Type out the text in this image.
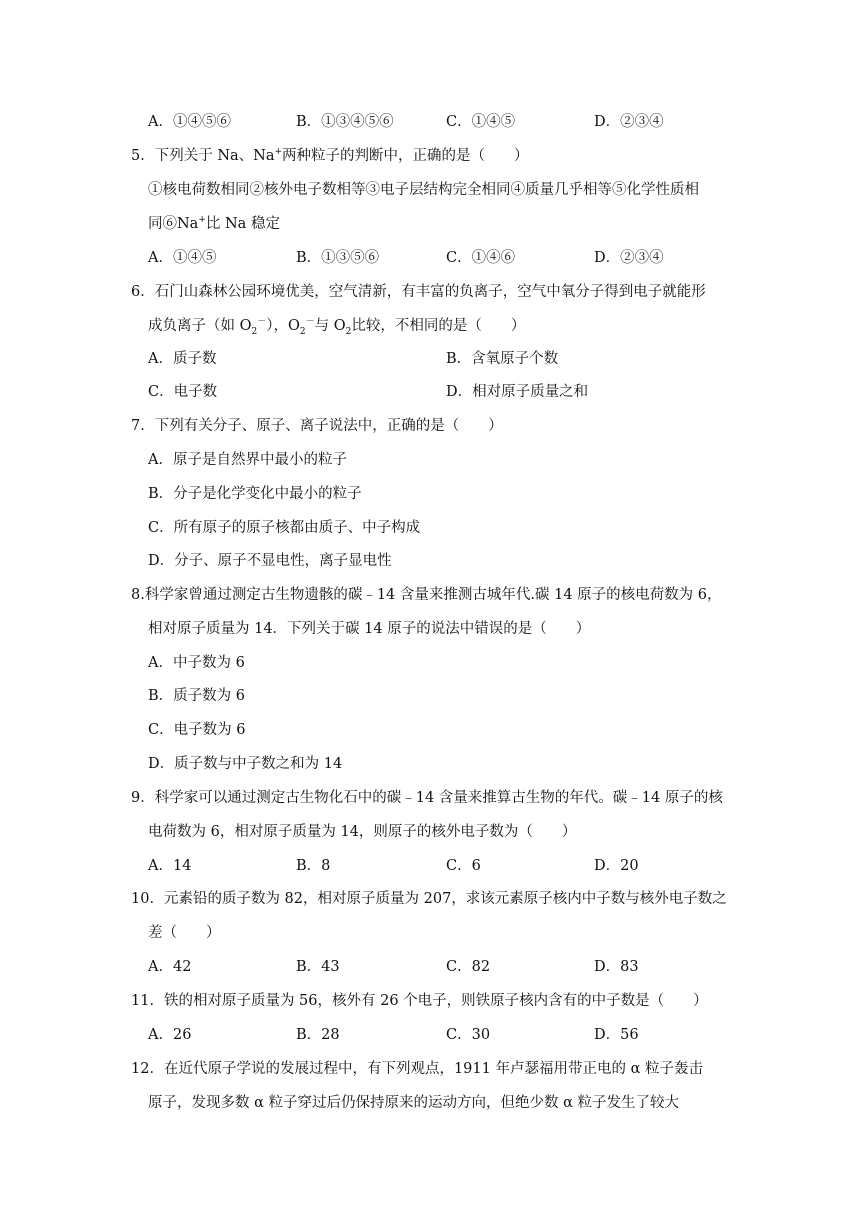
A．①④⑤⑥	B．①③④⑤⑥	C．①④⑤	D．②③④
5．下列关于 Na、Na+两种粒子的判断中，正确的是（　　）
①核电荷数相同②核外电子数相等③电子层结构完全相同④质量几乎相等⑤化学性质相
同⑥Na+比 Na 稳定
A．①④⑤	B．①③⑤⑥	C．①④⑥	D．②③④
6．石门山森林公园环境优美，空气清新，有丰富的负离子，空气中氧分子得到电子就能形
成负离子（如 $O_2^-$），$O_2^-$与 $O_2$比较，不相同的是（　　）
A．质子数	B．含氧原子个数
C．电子数	D．相对原子质量之和
7．下列有关分子、原子、离子说法中，正确的是（　　）
A．原子是自然界中最小的粒子
B．分子是化学变化中最小的粒子
C．所有原子的原子核都由质子、中子构成
D．分子、原子不显电性，离子显电性
8.科学家曾通过测定古生物遗骸的碳﹣14 含量来推测古城年代.碳 14 原子的核电荷数为 6，
相对原子质量为 14．下列关于碳 14 原子的说法中错误的是（　　）
A．中子数为 6
B．质子数为 6
C．电子数为 6
D．质子数与中子数之和为 14
9．科学家可以通过测定古生物化石中的碳﹣14 含量来推算古生物的年代。碳﹣14 原子的核
电荷数为 6，相对原子质量为 14，则原子的核外电子数为（　　）
A．14	B．8	C．6	D．20
10．元素铅的质子数为 82，相对原子质量为 207，求该元素原子核内中子数与核外电子数之
差（　　）
A．42	B．43	C．82	D．83
11．铁的相对原子质量为 56，核外有 26 个电子，则铁原子核内含有的中子数是（　　）
A．26	B．28	C．30	D．56
12．在近代原子学说的发展过程中，有下列观点，1911 年卢瑟福用带正电的 α 粒子轰击
原子，发现多数 α 粒子穿过后仍保持原来的运动方向，但绝少数 α 粒子发生了较大
